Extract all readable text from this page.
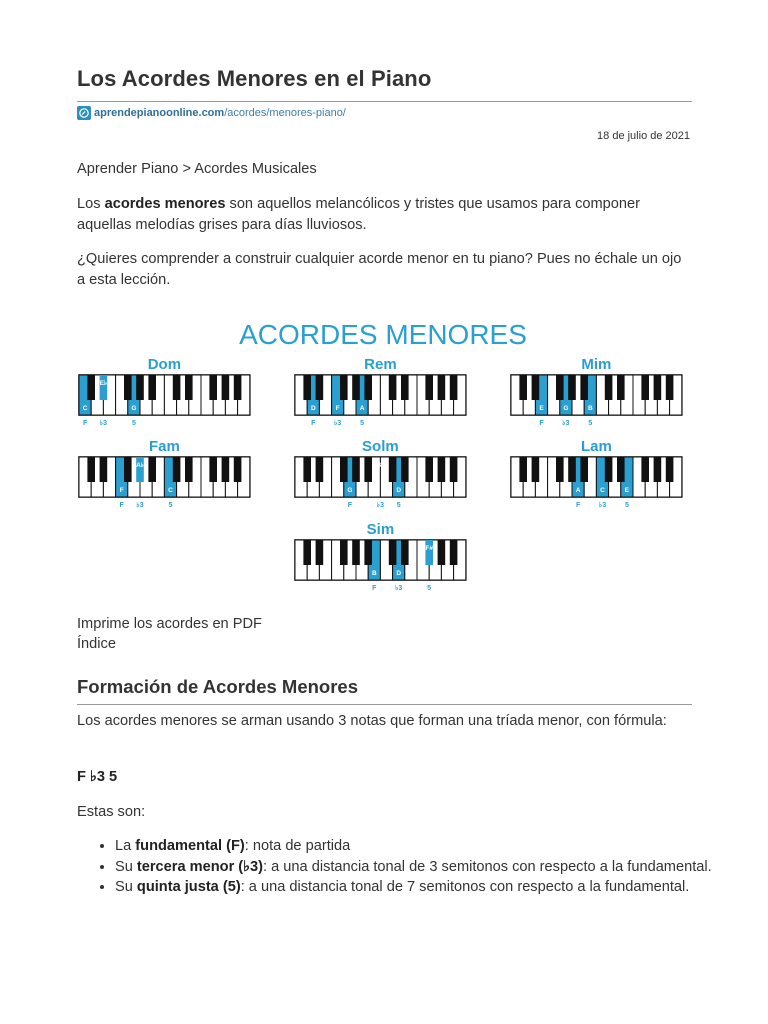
Los Acordes Menores en el Piano
aprendepianoonline.com /acordes/menores-piano/
18 de julio de 2021

Aprender Piano > Acordes Musicales

Los acordes menores son aquellos melancólicos y tristes que usamos para componer aquellas melodías grises para días lluviosos.

¿Quieres comprender a construir cualquier acorde menor en tu piano? Pues no échale un ojo a esta lección.

ACORDES MENORES
Dom
C
F
E♭
♭3
G
5
Rem
D
F
F
♭3
A
5
Mim
E
F
G
♭3
B
5
Fam
F
F
A♭
♭3
C
5
Solm
G
F
B♭
♭3
D
5
Lam
A
F
C
♭3
E
5
Sim
B
F
D
♭3
F#
5

Imprime los acordes en PDF

Índice

Formación de Acordes Menores

Los acordes menores se arman usando 3 notas que forman una tríada menor, con fórmula:

F ♭3 5

Estas son:

• La fundamental (F): nota de partida
• Su tercera menor (♭3): a una distancia tonal de 3 semitonos con respecto a la fundamental.
• Su quinta justa (5): a una distancia tonal de 7 semitonos con respecto a la fundamental.
